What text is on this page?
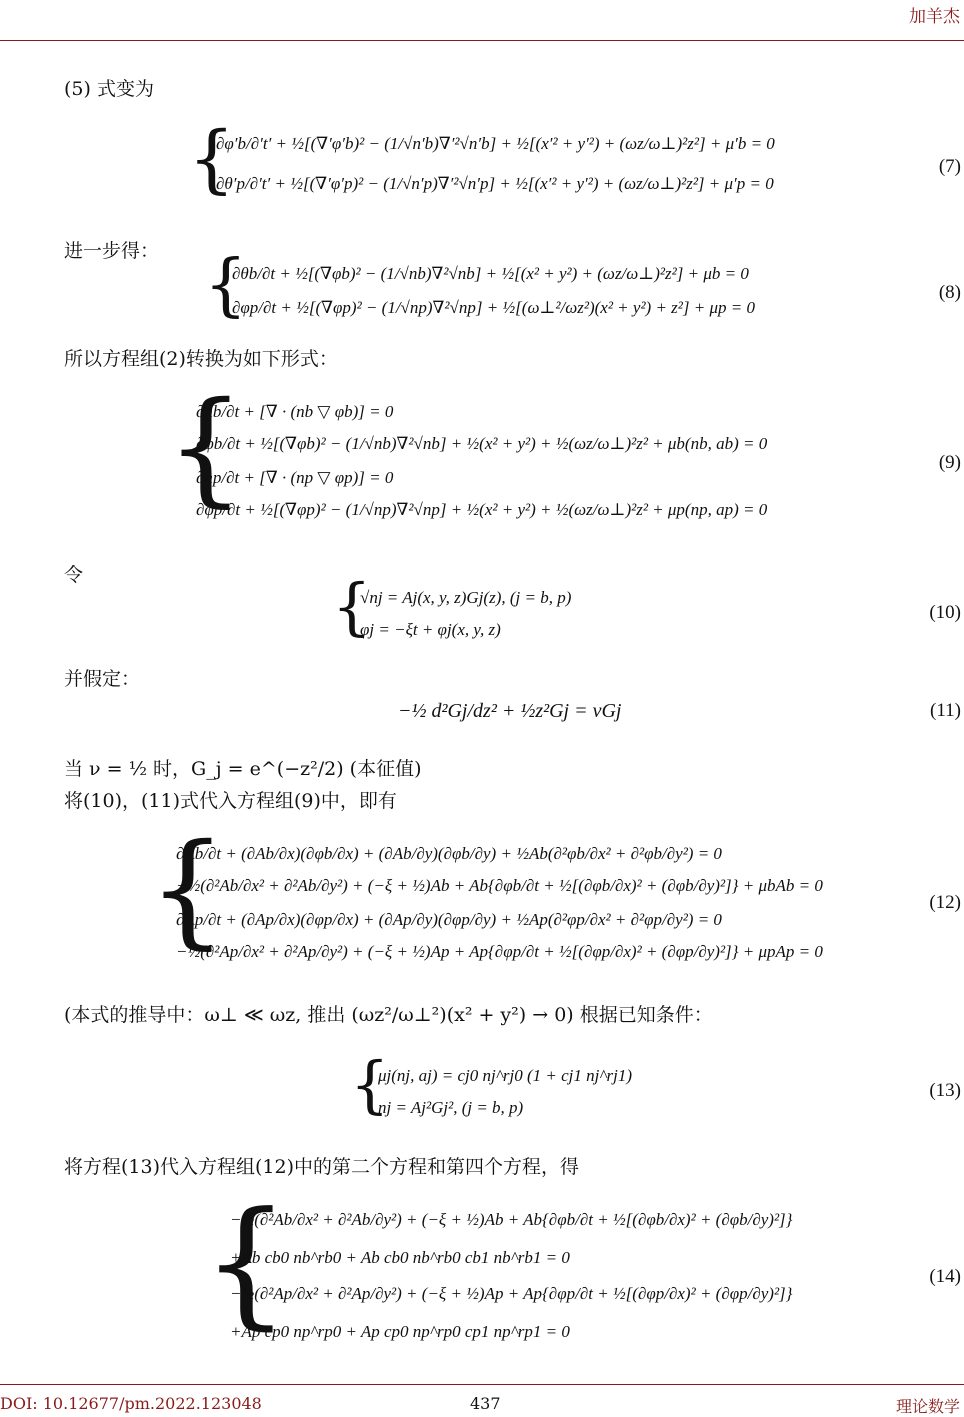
加羊杰
(5) 式变为
{
∂φ′b/∂′t′ + ½[(∇′φ′b)² − (1/√n′b)∇′²√n′b] + ½[(x′² + y′²) + (ωz/ω⊥)²z²] + μ′b = 0
∂θ′p/∂′t′ + ½[(∇′φ′p)² − (1/√n′p)∇′²√n′p] + ½[(x′² + y′²) + (ωz/ω⊥)²z²] + μ′p = 0
(7)
进一步得： {
∂θb/∂t + ½[(∇φb)² − (1/√nb)∇²√nb] + ½[(x² + y²) + (ωz/ω⊥)²z²] + μb = 0
∂φp/∂t + ½[(∇φp)² − (1/√np)∇²√np] + ½[(ω⊥²/ωz²)(x² + y²) + z²] + μp = 0
(8)
所以方程组(2)转换为如下形式：
{
∂nb/∂t + [∇ · (nb ▽ φb)] = 0
∂φb/∂t + ½[(∇φb)² − (1/√nb)∇²√nb] + ½(x² + y²) + ½(ωz/ω⊥)²z² + μb(nb, ab) = 0
∂np/∂t + [∇ · (np ▽ φp)] = 0
∂φp/∂t + ½[(∇φp)² − (1/√np)∇²√np] + ½(x² + y²) + ½(ωz/ω⊥)²z² + μp(np, ap) = 0
(9)
令	{
√nj = Aj(x, y, z)Gj(z), (j = b, p)
φj = −ξt + φj(x, y, z)
(10)
并假定：
−½ d²Gj/dz² + ½z²Gj = νGj	(11)
当 ν = ½ 时，G_j = e^(−z²/2) (本征值)
将(10)，(11)式代入方程组(9)中，即有
{
∂Ab/∂t + (∂Ab/∂x)(∂φb/∂x) + (∂Ab/∂y)(∂φb/∂y) + ½Ab(∂²φb/∂x² + ∂²φb/∂y²) = 0
−½(∂²Ab/∂x² + ∂²Ab/∂y²) + (−ξ + ½)Ab + Ab{∂φb/∂t + ½[(∂φb/∂x)² + (∂φb/∂y)²]} + μbAb = 0
∂Ap/∂t + (∂Ap/∂x)(∂φp/∂x) + (∂Ap/∂y)(∂φp/∂y) + ½Ap(∂²φp/∂x² + ∂²φp/∂y²) = 0
−½(∂²Ap/∂x² + ∂²Ap/∂y²) + (−ξ + ½)Ap + Ap{∂φp/∂t + ½[(∂φp/∂x)² + (∂φp/∂y)²]} + μpAp = 0
(12)
(本式的推导中：ω⊥ ≪ ωz, 推出 (ωz²/ω⊥²)(x² + y²) → 0) 根据已知条件：
{
μj(nj, aj) = cj0 nj^rj0 (1 + cj1 nj^rj1)
nj = Aj²Gj², (j = b, p)
(13)
将方程(13)代入方程组(12)中的第二个方程和第四个方程，得
{
−½(∂²Ab/∂x² + ∂²Ab/∂y²) + (−ξ + ½)Ab + Ab{∂φb/∂t + ½[(∂φb/∂x)² + (∂φb/∂y)²]}
+Ab cb0 nb^rb0 + Ab cb0 nb^rb0 cb1 nb^rb1 = 0
−½(∂²Ap/∂x² + ∂²Ap/∂y²) + (−ξ + ½)Ap + Ap{∂φp/∂t + ½[(∂φp/∂x)² + (∂φp/∂y)²]}
+Ap cp0 np^rp0 + Ap cp0 np^rp0 cp1 np^rp1 = 0
(14)
DOI: 10.12677/pm.2022.123048	437	理论数学
